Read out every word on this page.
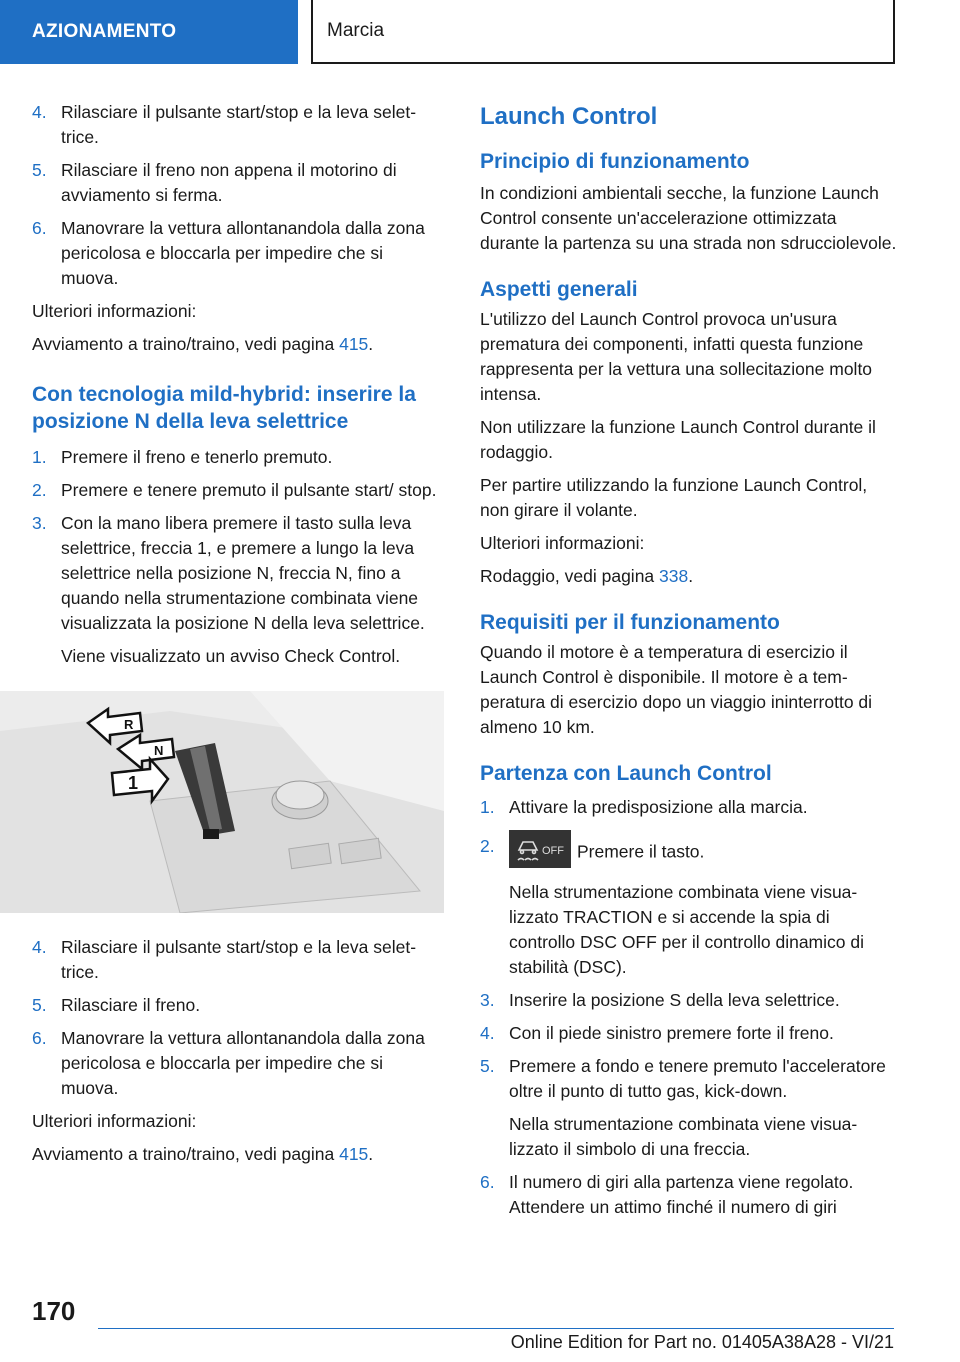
AZIONAMENTO	Marcia
4. Rilasciare il pulsante start/stop e la leva selettrice.
5. Rilasciare il freno non appena il motorino di avviamento si ferma.
6. Manovrare la vettura allontanandola dalla zona pericolosa e bloccarla per impedire che si muova.

Ulteriori informazioni:

Avviamento a traino/traino, vedi pagina 415.

Con tecnologia mild-hybrid: inserire la posizione N della leva selettrice
1. Premere il freno e tenerlo premuto.
2. Premere e tenere premuto il pulsante start/ stop.
3. Con la mano libera premere il tasto sulla leva selettrice, freccia 1, e premere a lungo la leva selettrice nella posizione N, freccia N, fino a quando nella strumentazione combinata viene visualizzata la posizione N della leva selettrice.
Viene visualizzato un avviso Check Control.
R
N
1
4. Rilasciare il pulsante start/stop e la leva selettrice.
5. Rilasciare il freno.
6. Manovrare la vettura allontanandola dalla zona pericolosa e bloccarla per impedire che si muova.

Ulteriori informazioni:

Avviamento a traino/traino, vedi pagina 415.

Launch Control
Principio di funzionamento

In condizioni ambientali secche, la funzione Launch Control consente un'accelerazione ottimizzata durante la partenza su una strada non sdrucciolevole.

Aspetti generali

L'utilizzo del Launch Control provoca un'usura prematura dei componenti, infatti questa funzione rappresenta per la vettura una sollecitazione molto intensa.

Non utilizzare la funzione Launch Control durante il rodaggio.

Per partire utilizzando la funzione Launch Control, non girare il volante.

Ulteriori informazioni:

Rodaggio, vedi pagina 338.

Requisiti per il funzionamento

Quando il motore è a temperatura di esercizio il Launch Control è disponibile. Il motore è a temperatura di esercizio dopo un viaggio ininterrotto di almeno 10 km.

Partenza con Launch Control
1. Attivare la predisposizione alla marcia.
2.	OFF Premere il tasto.
Nella strumentazione combinata viene visualizzato TRACTION e si accende la spia di controllo DSC OFF per il controllo dinamico di stabilità (DSC).
3. Inserire la posizione S della leva selettrice.
4. Con il piede sinistro premere forte il freno.
5. Premere a fondo e tenere premuto l'acceleratore oltre il punto di tutto gas, kick-down.
Nella strumentazione combinata viene visualizzato il simbolo di una freccia.
6. Il numero di giri alla partenza viene regolato. Attendere un attimo finché il numero di giri
170
Online Edition for Part no. 01405A38A28 - VI/21
